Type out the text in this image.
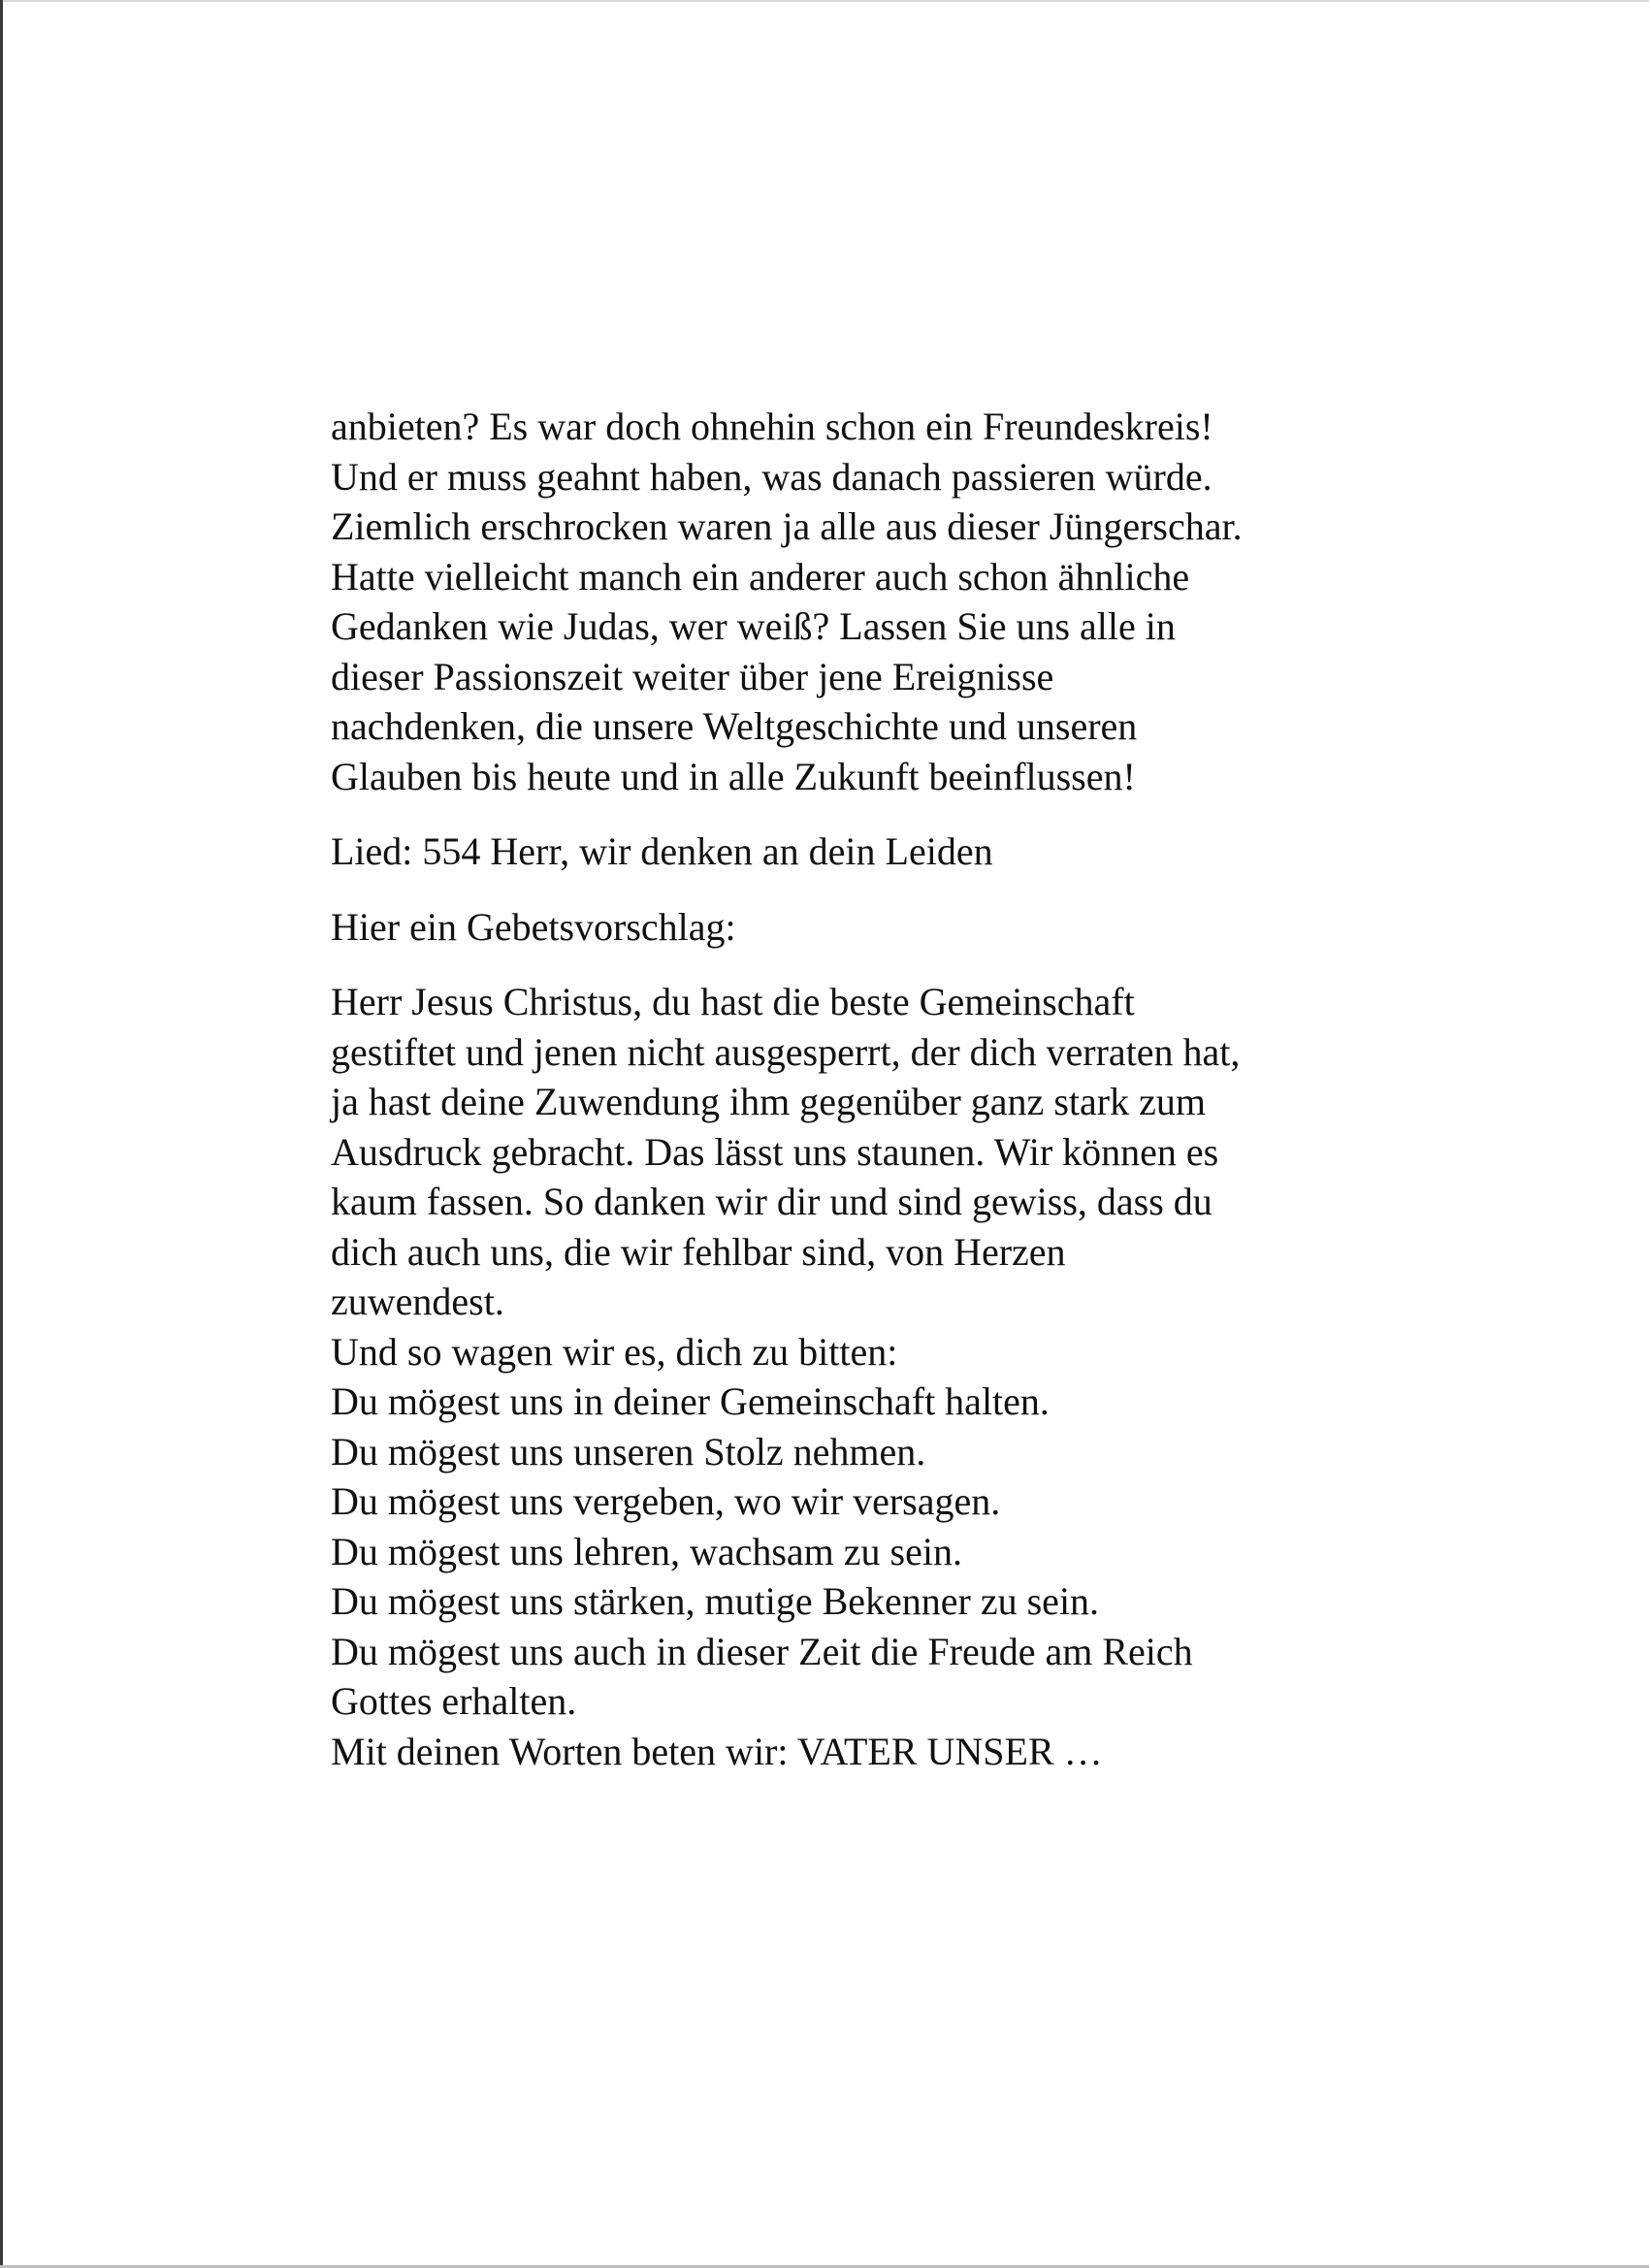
anbieten? Es war doch ohnehin schon ein Freundeskreis!
Und er muss geahnt haben, was danach passieren würde.
Ziemlich erschrocken waren ja alle aus dieser Jüngerschar.
Hatte vielleicht manch ein anderer auch schon ähnliche
Gedanken wie Judas, wer weiß? Lassen Sie uns alle in
dieser Passionszeit weiter über jene Ereignisse
nachdenken, die unsere Weltgeschichte und unseren
Glauben bis heute und in alle Zukunft beeinflussen!
Lied: 554 Herr, wir denken an dein Leiden
Hier ein Gebetsvorschlag:
Herr Jesus Christus, du hast die beste Gemeinschaft
gestiftet und jenen nicht ausgesperrt, der dich verraten hat,
ja hast deine Zuwendung ihm gegenüber ganz stark zum
Ausdruck gebracht. Das lässt uns staunen. Wir können es
kaum fassen. So danken wir dir und sind gewiss, dass du
dich auch uns, die wir fehlbar sind, von Herzen
zuwendest.
Und so wagen wir es, dich zu bitten:
Du mögest uns in deiner Gemeinschaft halten.
Du mögest uns unseren Stolz nehmen.
Du mögest uns vergeben, wo wir versagen.
Du mögest uns lehren, wachsam zu sein.
Du mögest uns stärken, mutige Bekenner zu sein.
Du mögest uns auch in dieser Zeit die Freude am Reich
Gottes erhalten.
Mit deinen Worten beten wir: VATER UNSER …
